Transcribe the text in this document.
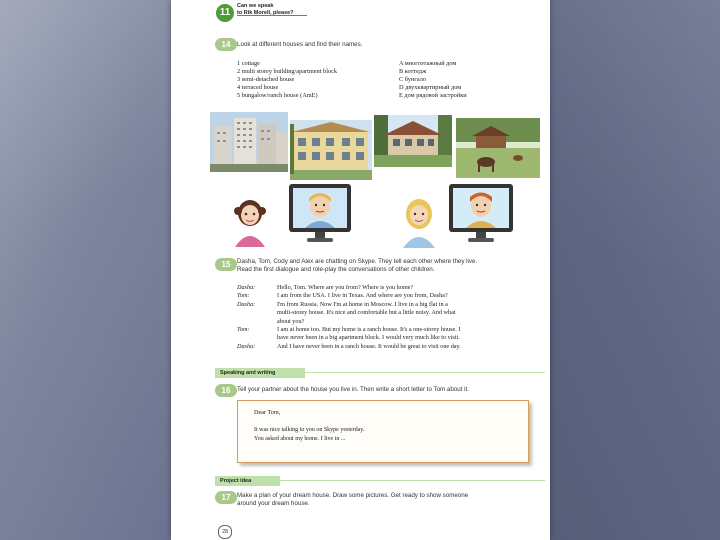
11
Can we speak
to Rik Morell, please?
14	Look at different houses and find their names.
1 cottage
2 multi storey building/apartment block
3 semi-detached house
4 terraced house
5 bungalow/ranch house (AmE)
A многоэтажный дом
B коттедж
C бунгало
D двухквартирный дом
E дом рядовой застройки
15	Dasha, Tom, Cody and Alex are chatting on Skype. They tell each other where they live.
Read the first dialogue and role-play the conversations of other children.
Dasha:	Hello, Tom. Where are you from? Where is you home?
Tom:	I am from the USA. I live in Texas. And where are you from, Dasha?
Dasha:	I'm from Russia. Now I'm at home in Moscow. I live in a big flat in a
multi-storey house. It's nice and comfortable but a little noisy. And what
about you?
Tom:	I am at home too. But my home is a ranch house. It's a one-storey house. I
have never been in a big apartment block. I would very much like to visit.
Dasha:	And I have never been in a ranch house. It would be great to visit one day.
Speaking and writing
16	Tell your partner about the house you live in. Then write a short letter to Tom about it.
Dear Tom,
It was nice talking to you on Skype yesterday.
You asked about my home. I live in ...
Project idea
17	Make a plan of your dream house. Draw some pictures. Get ready to show someone
around your dream house.
28
